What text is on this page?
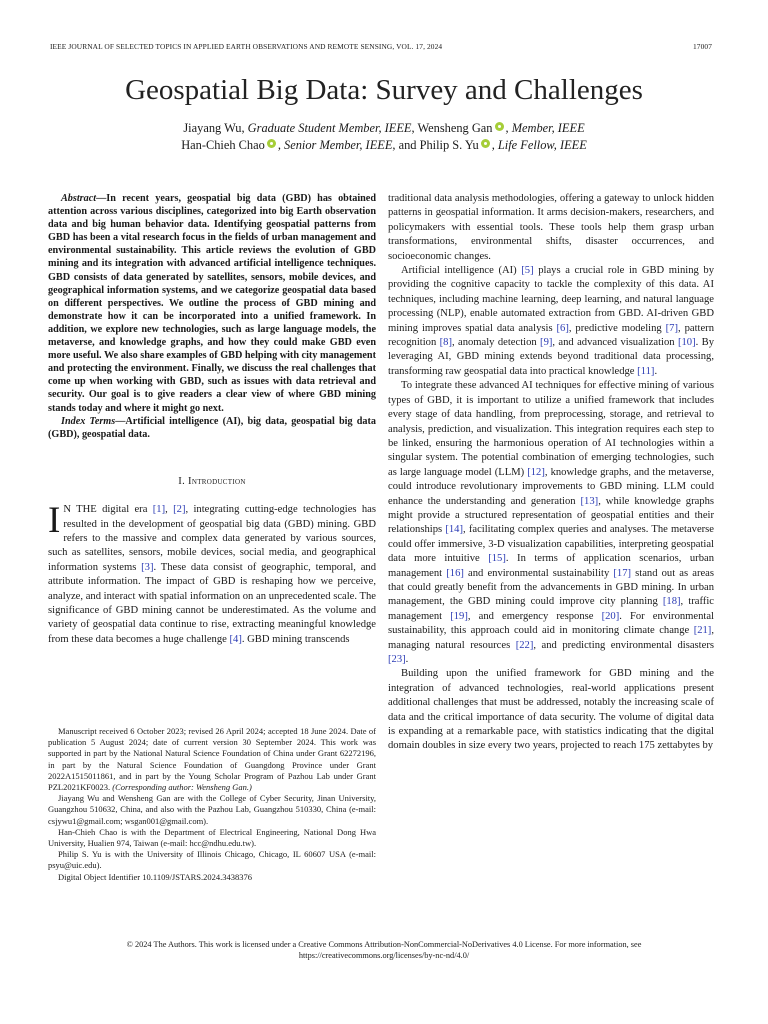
IEEE JOURNAL OF SELECTED TOPICS IN APPLIED EARTH OBSERVATIONS AND REMOTE SENSING, VOL. 17, 2024	17007
Geospatial Big Data: Survey and Challenges
Jiayang Wu, Graduate Student Member, IEEE, Wensheng Gan , Member, IEEE
Han-Chieh Chao , Senior Member, IEEE, and Philip S. Yu , Life Fellow, IEEE

Abstract—In recent years, geospatial big data (GBD) has obtained attention across various disciplines, categorized into big Earth observation data and big human behavior data. Identifying geospatial patterns from GBD has been a vital research focus in the fields of urban management and environmental sustainability. This article reviews the evolution of GBD mining and its integration with advanced artificial intelligence techniques. GBD consists of data generated by satellites, sensors, mobile devices, and geographical information systems, and we categorize geospatial data based on different perspectives. We outline the process of GBD mining and demonstrate how it can be incorporated into a unified framework. In addition, we explore new technologies, such as large language models, the metaverse, and knowledge graphs, and how they could make GBD even more useful. We also share examples of GBD helping with city management and protecting the environment. Finally, we discuss the real challenges that come up when working with GBD, such as issues with data retrieval and security. Our goal is to give readers a clear view of where GBD mining stands today and where it might go next.

Index Terms—Artificial intelligence (AI), big data, geospatial big data (GBD), geospatial data.

I. Introduction

I N THE digital era [1], [2], integrating cutting-edge technologies has resulted in the development of geospatial big data (GBD) mining. GBD refers to the massive and complex data generated by various sources, such as satellites, sensors, mobile devices, social media, and geographical information systems [3]. These data consist of geographic, temporal, and attribute information. The impact of GBD is reshaping how we perceive, analyze, and interact with spatial information on an unprecedented scale. The significance of GBD mining cannot be underestimated. As the volume and variety of geospatial data continue to rise, extracting meaningful knowledge from these data becomes a huge challenge [4]. GBD mining transcends

Manuscript received 6 October 2023; revised 26 April 2024; accepted 18 June 2024. Date of publication 5 August 2024; date of current version 30 September 2024. This work was supported in part by the National Natural Science Foundation of China under Grant 62272196, in part by the Natural Science Foundation of Guangdong Province under Grant 2022A1515011861, and in part by the Young Scholar Program of Pazhou Lab under Grant PZL2021KF0023. (Corresponding author: Wensheng Gan.)

Jiayang Wu and Wensheng Gan are with the College of Cyber Security, Jinan University, Guangzhou 510632, China, and also with the Pazhou Lab, Guangzhou 510330, China (e-mail: csjywu1@gmail.com; wsgan001@gmail.com).

Han-Chieh Chao is with the Department of Electrical Engineering, National Dong Hwa University, Hualien 974, Taiwan (e-mail: hcc@ndhu.edu.tw).

Philip S. Yu is with the University of Illinois Chicago, Chicago, IL 60607 USA (e-mail: psyu@uic.edu).

Digital Object Identifier 10.1109/JSTARS.2024.3438376

traditional data analysis methodologies, offering a gateway to unlock hidden patterns in geospatial information. It arms decision-makers, researchers, and policymakers with essential tools. These tools help them grasp urban transformations, environmental shifts, disaster occurrences, and socioeconomic changes.

Artificial intelligence (AI) [5] plays a crucial role in GBD mining by providing the cognitive capacity to tackle the complexity of this data. AI techniques, including machine learning, deep learning, and natural language processing (NLP), enable automated extraction from GBD. AI-driven GBD mining improves spatial data analysis [6], predictive modeling [7], pattern recognition [8], anomaly detection [9], and advanced visualization [10]. By leveraging AI, GBD mining extends beyond traditional data processing, transforming raw geospatial data into practical knowledge [11].

To integrate these advanced AI techniques for effective mining of various types of GBD, it is important to utilize a unified framework that includes every stage of data handling, from preprocessing, storage, and retrieval to analysis, prediction, and visualization. This integration requires each step to be linked, ensuring the harmonious operation of AI technologies within a singular system. The potential combination of emerging technologies, such as large language model (LLM) [12], knowledge graphs, and the metaverse, could introduce revolutionary improvements to GBD mining. LLM could enhance the understanding and generation [13], while knowledge graphs might provide a structured representation of geospatial entities and their relationships [14], facilitating complex queries and analyses. The metaverse could offer immersive, 3-D visualization capabilities, interpreting geospatial data more intuitive [15]. In terms of application scenarios, urban management [16] and environmental sustainability [17] stand out as areas that could greatly benefit from the advancements in GBD mining. In urban management, the GBD mining could improve city planning [18], traffic management [19], and emergency response [20]. For environmental sustainability, this approach could aid in monitoring climate change [21], managing natural resources [22], and predicting environmental disasters [23].

Building upon the unified framework for GBD mining and the integration of advanced technologies, real-world applications present additional challenges that must be addressed, notably the increasing scale of data and the critical importance of data security. The volume of digital data is expanding at a remarkable pace, with statistics indicating that the digital domain doubles in size every two years, projected to reach 175 zettabytes by

© 2024 The Authors. This work is licensed under a Creative Commons Attribution-NonCommercial-NoDerivatives 4.0 License. For more information, see
https://creativecommons.org/licenses/by-nc-nd/4.0/
